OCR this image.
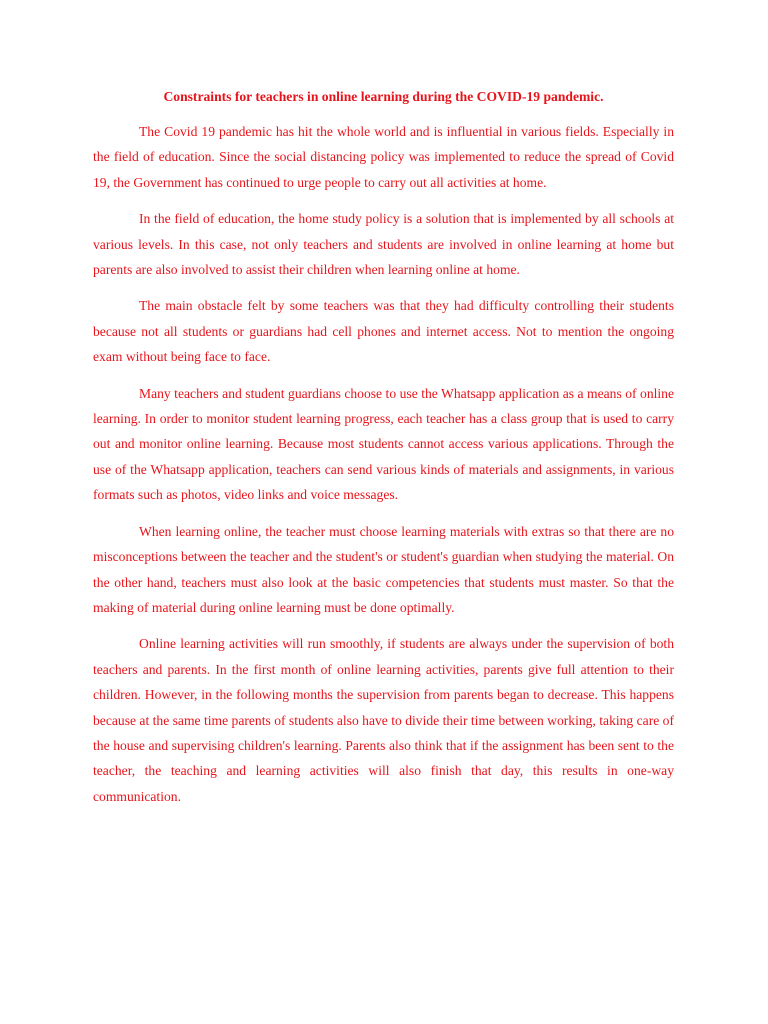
Constraints for teachers in online learning during the COVID-19 pandemic.

The Covid 19 pandemic has hit the whole world and is influential in various fields. Especially in the field of education. Since the social distancing policy was implemented to reduce the spread of Covid 19, the Government has continued to urge people to carry out all activities at home.

In the field of education, the home study policy is a solution that is implemented by all schools at various levels. In this case, not only teachers and students are involved in online learning at home but parents are also involved to assist their children when learning online at home.

The main obstacle felt by some teachers was that they had difficulty controlling their students because not all students or guardians had cell phones and internet access. Not to mention the ongoing exam without being face to face.

Many teachers and student guardians choose to use the Whatsapp application as a means of online learning. In order to monitor student learning progress, each teacher has a class group that is used to carry out and monitor online learning. Because most students cannot access various applications. Through the use of the Whatsapp application, teachers can send various kinds of materials and assignments, in various formats such as photos, video links and voice messages.

When learning online, the teacher must choose learning materials with extras so that there are no misconceptions between the teacher and the student's or student's guardian when studying the material. On the other hand, teachers must also look at the basic competencies that students must master. So that the making of material during online learning must be done optimally.

Online learning activities will run smoothly, if students are always under the supervision of both teachers and parents. In the first month of online learning activities, parents give full attention to their children. However, in the following months the supervision from parents began to decrease. This happens because at the same time parents of students also have to divide their time between working, taking care of the house and supervising children's learning. Parents also think that if the assignment has been sent to the teacher, the teaching and learning activities will also finish that day, this results in one-way communication.
